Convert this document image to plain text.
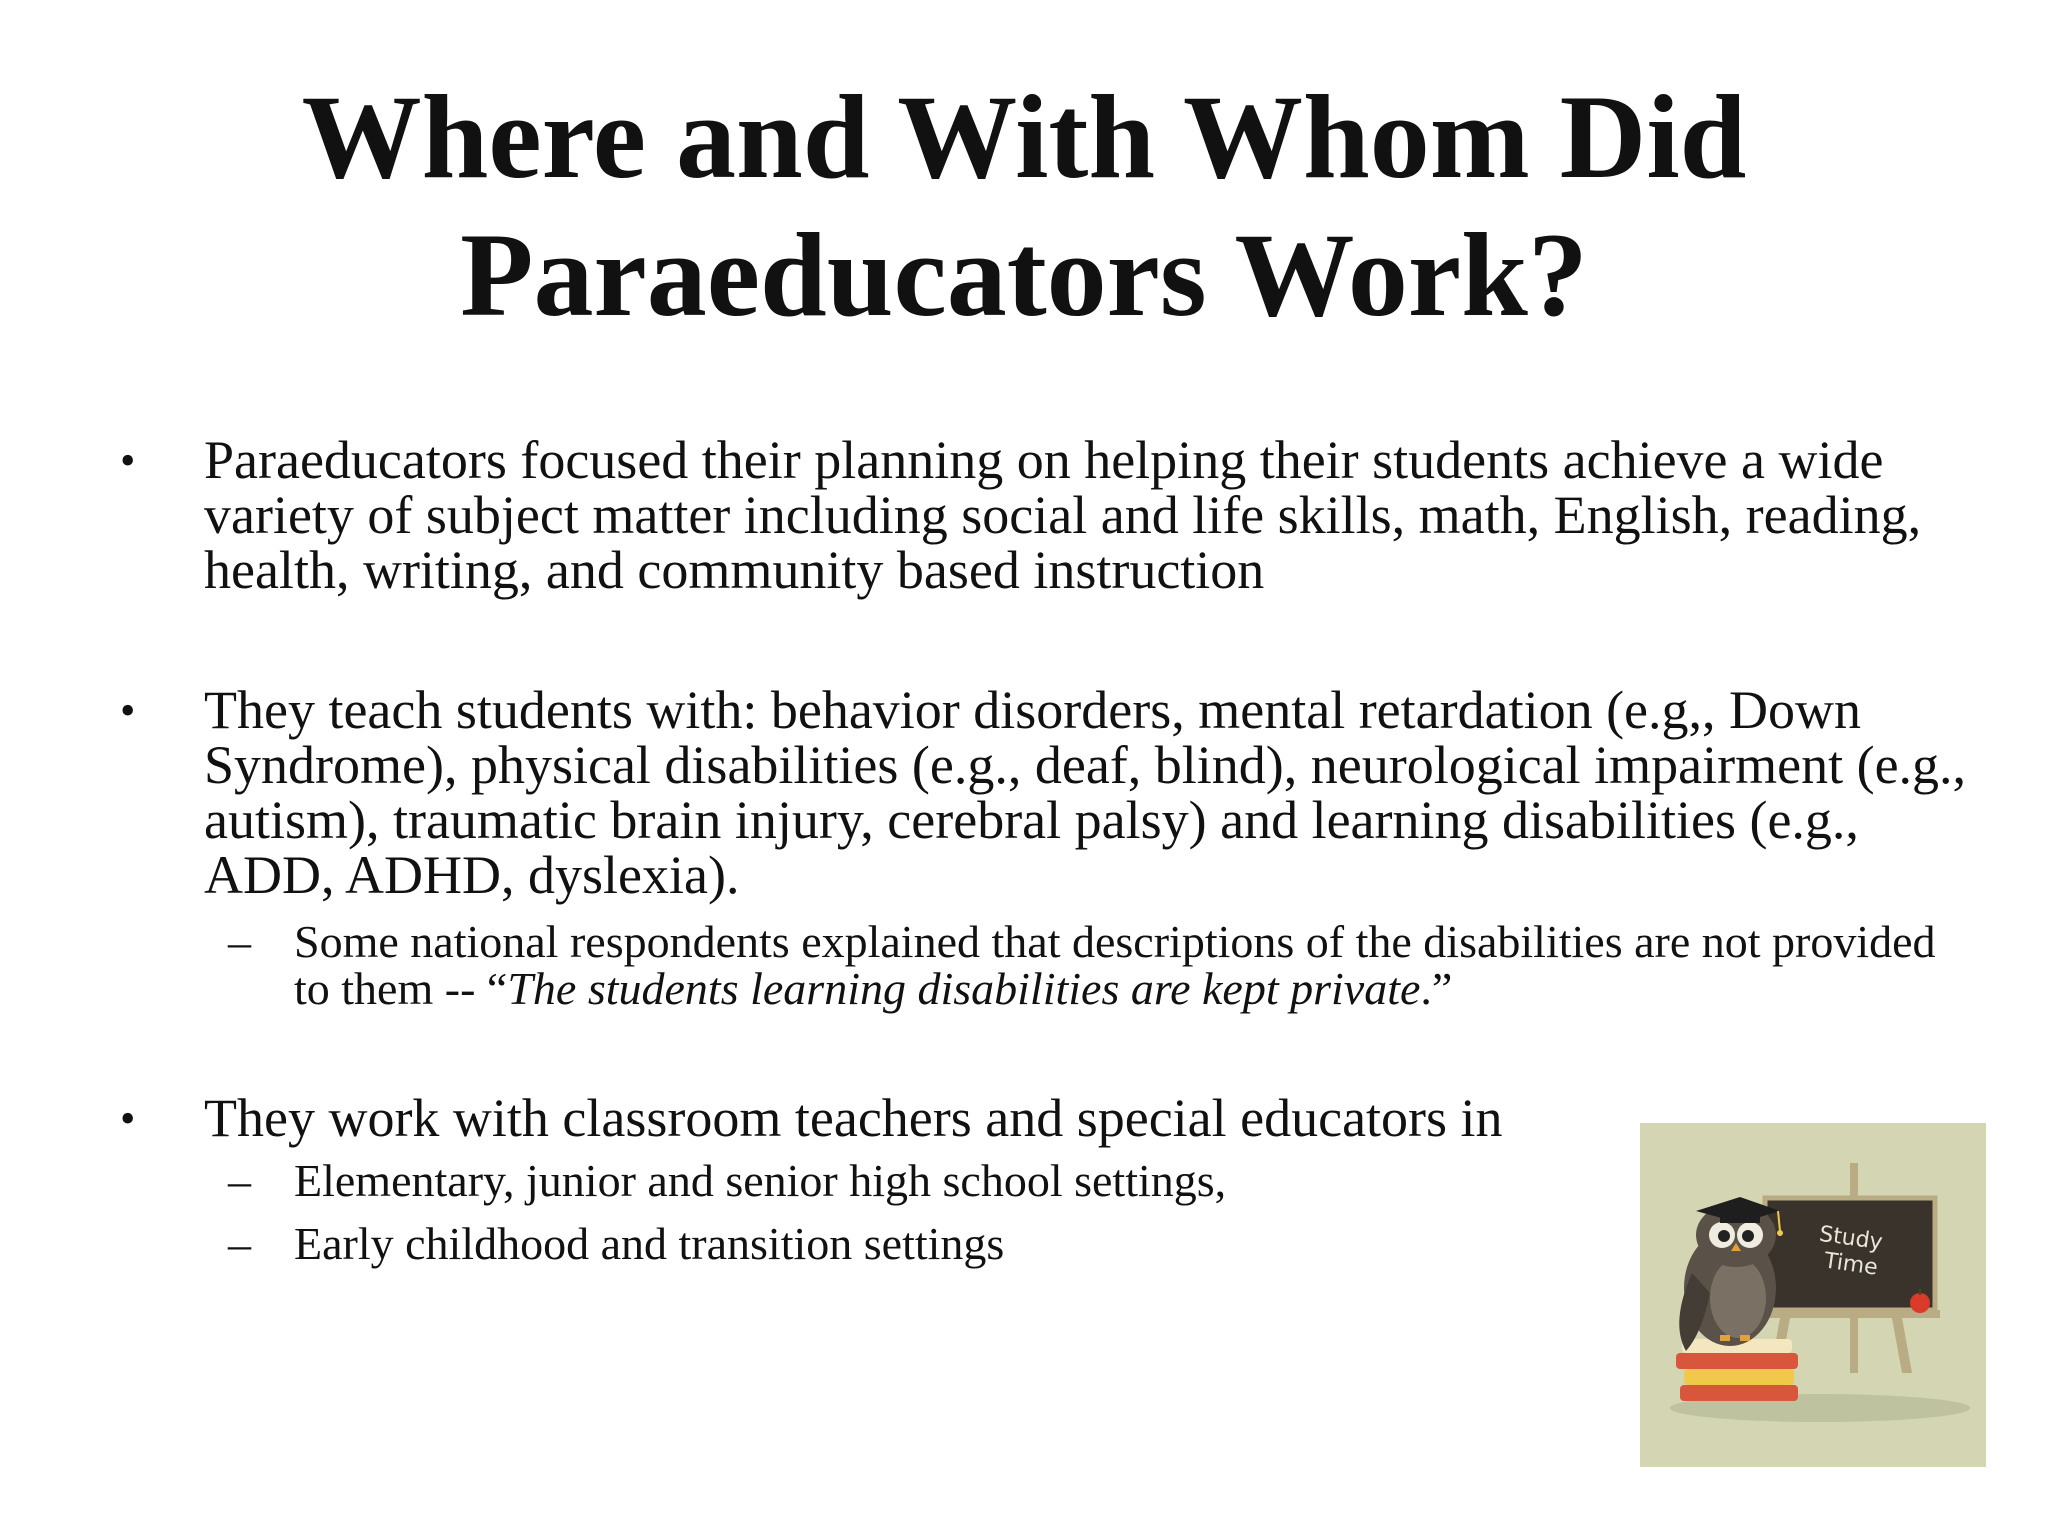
Where and With Whom Did
Paraeducators Work?
•	Paraeducators focused their planning on helping their students achieve a wide variety of subject matter including social and life skills, math, English, reading, health, writing, and community based instruction
•	They teach students with: behavior disorders, mental retardation (e.g,, Down Syndrome), physical disabilities (e.g., deaf, blind), neurological impairment (e.g., autism), traumatic brain injury, cerebral palsy) and learning disabilities (e.g., ADD, ADHD, dyslexia).
– Some national respondents explained that descriptions of the disabilities are not provided to them -- “The students learning disabilities are kept private.”
•	They work with classroom teachers and special educators in
– Elementary, junior and senior high school settings,
– Early childhood and transition settings	Study
Time
